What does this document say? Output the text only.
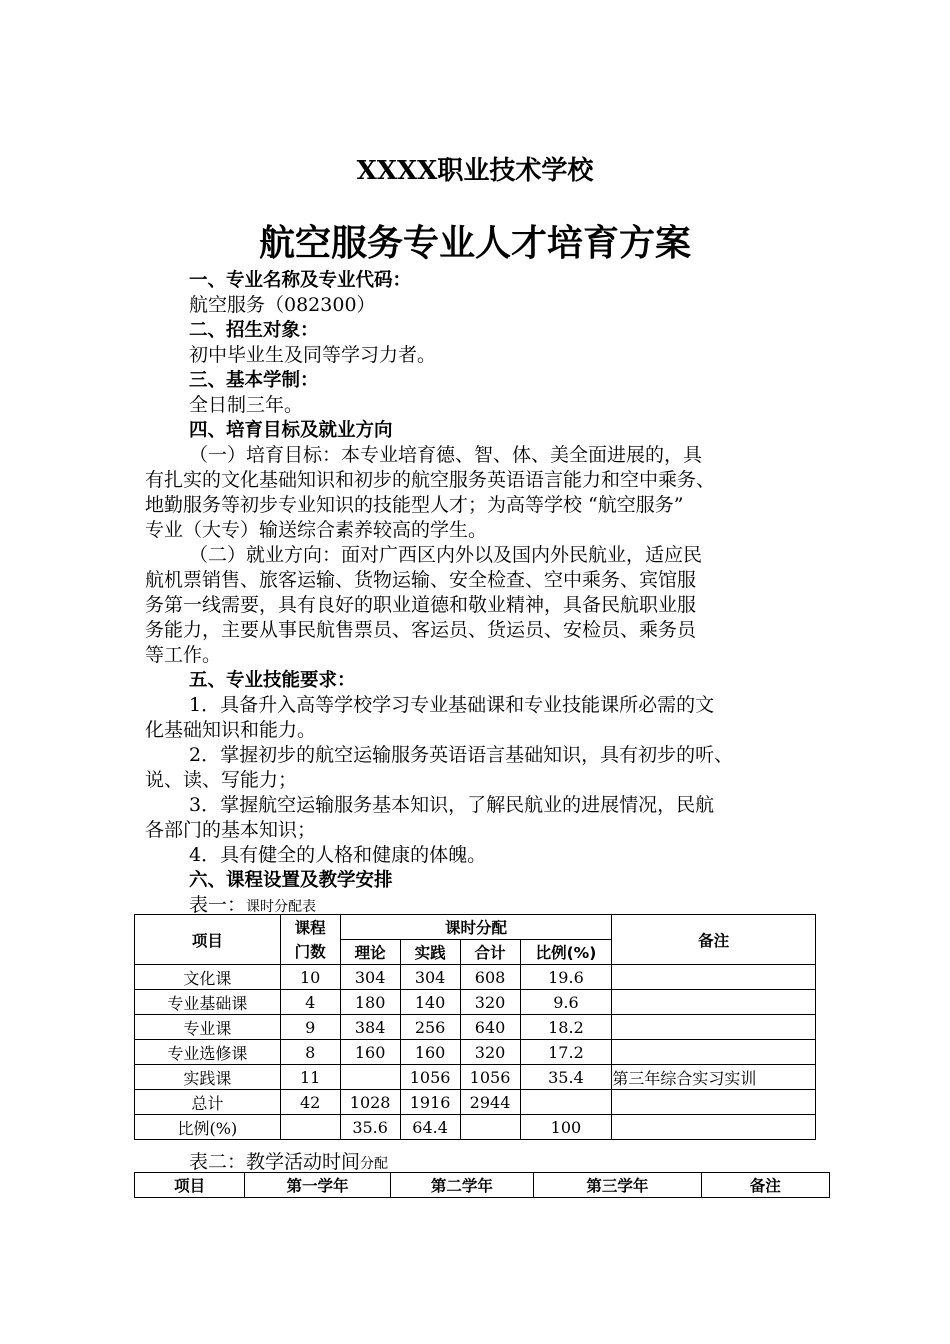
XXXX职业技术学校
航空服务专业人才培育方案

一、专业名称及专业代码：

航空服务（082300）

二、招生对象：

初中毕业生及同等学习力者。

三、基本学制：

全日制三年。

四、培育目标及就业方向

（一）培育目标：本专业培育德、智、体、美全面进展的，具
有扎实的文化基础知识和初步的航空服务英语语言能力和空中乘务、
地勤服务等初步专业知识的技能型人才；为高等学校 “航空服务”
专业（大专）输送综合素养较高的学生。

（二）就业方向：面对广西区内外以及国内外民航业，适应民
航机票销售、旅客运输、货物运输、安全检查、空中乘务、宾馆服
务第一线需要，具有良好的职业道德和敬业精神，具备民航职业服
务能力，主要从事民航售票员、客运员、货运员、安检员、乘务员
等工作。

五、专业技能要求：

1．具备升入高等学校学习专业基础课和专业技能课所必需的文
化基础知识和能力。

2．掌握初步的航空运输服务英语语言基础知识，具有初步的听、
说、读、写能力；

3．掌握航空运输服务基本知识，了解民航业的进展情况，民航
各部门的基本知识；

4．具有健全的人格和健康的体魄。

六、课程设置及教学安排

表一：课时分配表

项目	课程门数	课时分配				备注
		理论	实践	合计	比例(%)	
文化课	10	304	304	608	19.6	
专业基础课	4	180	140	320	9.6	
专业课	9	384	256	640	18.2	
专业选修课	8	160	160	320	17.2	
实践课	11		1056	1056	35.4	第三年综合实习实训
总计	42	1028	1916	2944		
比例(%)		35.6	64.4		100	
表二：教学活动时间分配
项目	第一学年	第二学年	第三学年	备注
